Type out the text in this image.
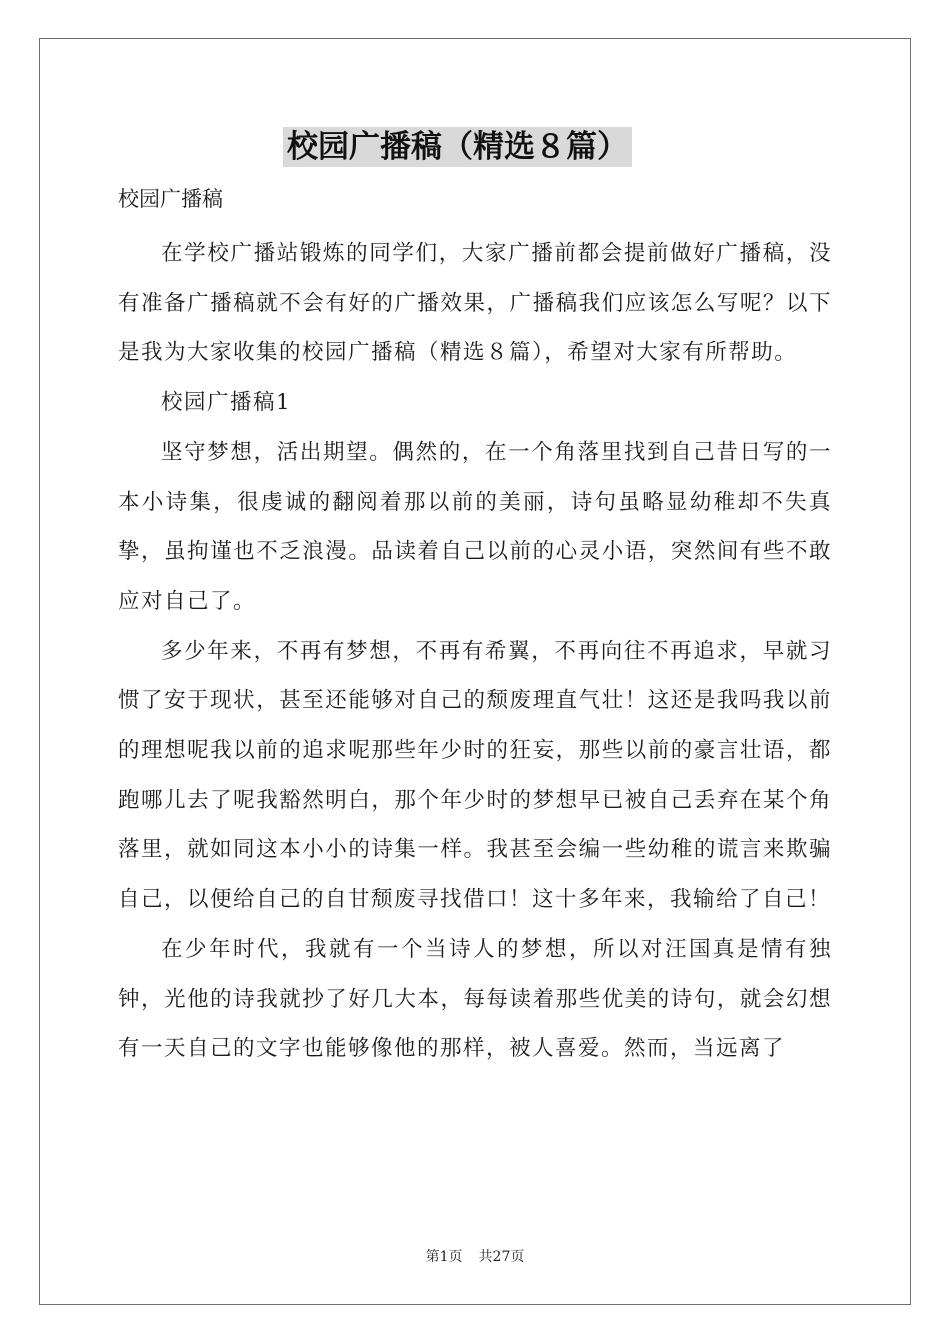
校园广播稿（精选８篇）
校园广播稿

在学校广播站锻炼的同学们，大家广播前都会提前做好广播稿，没有准备广播稿就不会有好的广播效果，广播稿我们应该怎么写呢？以下是我为大家收集的校园广播稿（精选８篇），希望对大家有所帮助。

校园广播稿1

坚守梦想，活出期望。偶然的，在一个角落里找到自己昔日写的一本小诗集，很虔诚的翻阅着那以前的美丽，诗句虽略显幼稚却不失真挚，虽拘谨也不乏浪漫。品读着自己以前的心灵小语，突然间有些不敢应对自己了。

多少年来，不再有梦想，不再有希翼，不再向往不再追求，早就习惯了安于现状，甚至还能够对自己的颓废理直气壮！这还是我吗我以前的理想呢我以前的追求呢那些年少时的狂妄，那些以前的豪言壮语，都跑哪儿去了呢我豁然明白，那个年少时的梦想早已被自己丢弃在某个角落里，就如同这本小小的诗集一样。我甚至会编一些幼稚的谎言来欺骗自己，以便给自己的自甘颓废寻找借口！这十多年来，我输给了自己！

在少年时代，我就有一个当诗人的梦想，所以对汪国真是情有独钟，光他的诗我就抄了好几大本，每每读着那些优美的诗句，就会幻想有一天自己的文字也能够像他的那样，被人喜爱。然而，当远离了

第1页 共27页
